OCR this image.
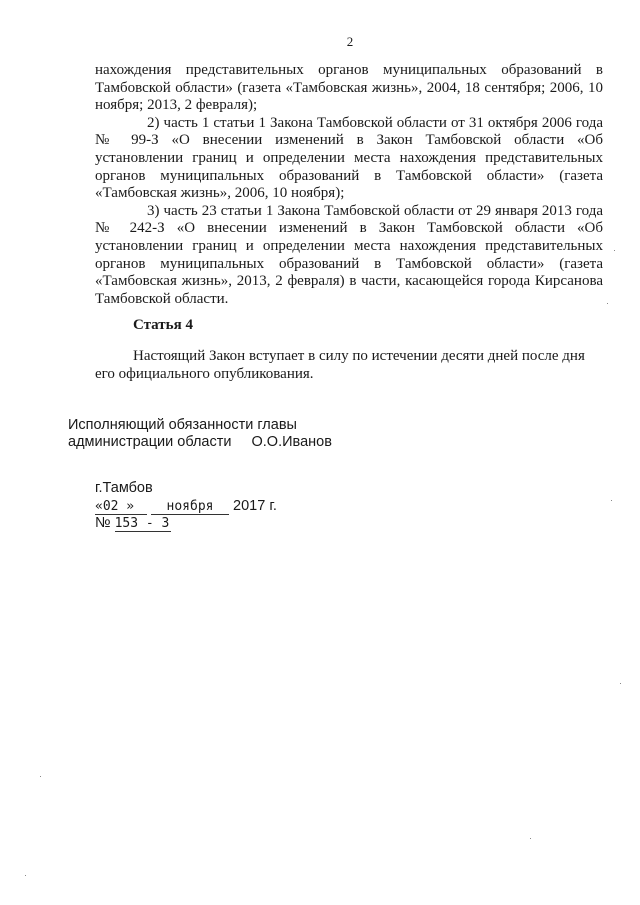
2

нахождения представительных органов муниципальных образований в Тамбовской области» (газета «Тамбовская жизнь», 2004, 18 сентября; 2006, 10 ноября; 2013, 2 февраля);

2) часть 1 статьи 1 Закона Тамбовской области от 31 октября 2006 года № 99-З «О внесении изменений в Закон Тамбовской области «Об установлении границ и определении места нахождения представительных органов муниципальных образований в Тамбовской области» (газета «Тамбовская жизнь», 2006, 10 ноября);

3) часть 23 статьи 1 Закона Тамбовской области от 29 января 2013 года № 242-З «О внесении изменений в Закон Тамбовской области «Об установлении границ и определении места нахождения представительных органов муниципальных образований в Тамбовской области» (газета «Тамбовская жизнь», 2013, 2 февраля) в части, касающейся города Кирсанова Тамбовской области.

Статья 4

Настоящий Закон вступает в силу по истечении десяти дней после дня его официального опубликования.

Исполняющий обязанности главы
администрации области О.О.Иванов
г.Тамбов
«02 » ноября 2017 г.
№ 153 - З
